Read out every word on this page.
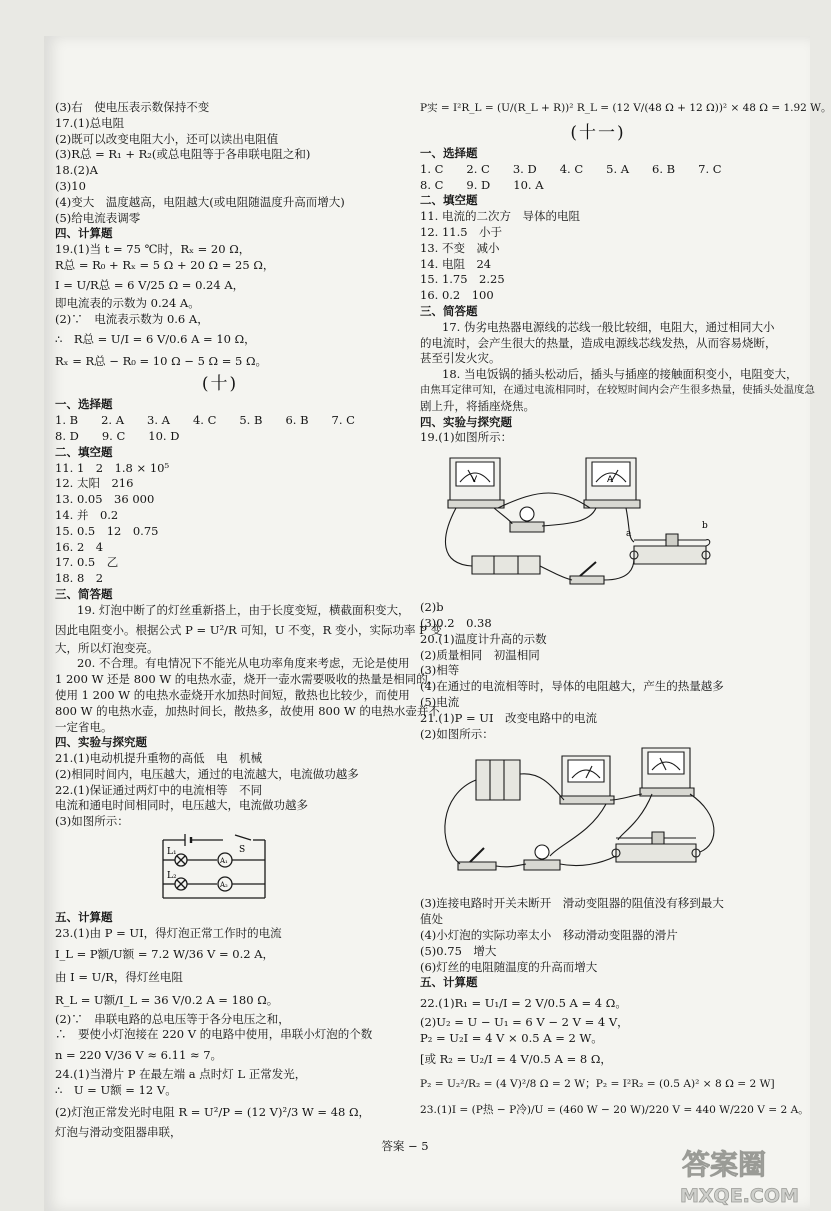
(3)右　使电压表示数保持不变
17.(1)总电阻
(2)既可以改变电阻大小，还可以读出电阻值
(3)R总 = R₁ + R₂(或总电阻等于各串联电阻之和)
18.(2)A
(3)10
(4)变大　温度越高，电阻越大(或电阻随温度升高而增大)
(5)给电流表调零
四、计算题
19.(1)当 t = 75 ℃时，Rₓ = 20 Ω，
R总 = R₀ + Rₓ = 5 Ω + 20 Ω = 25 Ω，
I = U/R总 = 6 V/25 Ω = 0.24 A，
即电流表的示数为 0.24 A。
(2)∵　电流表示数为 0.6 A，
∴　R总 = U/I = 6 V/0.6 A = 10 Ω，
Rₓ = R总 − R₀ = 10 Ω − 5 Ω = 5 Ω。
(十)
一、选择题
1. B　　2. A　　3. A　　4. C　　5. B　　6. B　　7. C
8. D　　9. C　　10. D
二、填空题
11. 1　2　1.8 × 10⁵
12. 太阳　216
13. 0.05　36 000
14. 并　0.2
15. 0.5　12　0.75
16. 2　4
17. 0.5　乙
18. 8　2
三、简答题
19. 灯泡中断了的灯丝重新搭上，由于长度变短，横截面积变大，
因此电阻变小。根据公式 P = U²/R 可知，U 不变，R 变小，实际功率 P 变
大，所以灯泡变亮。
20. 不合理。有电情况下不能光从电功率角度来考虑，无论是使用
1 200 W 还是 800 W 的电热水壶，烧开一壶水需要吸收的热量是相同的，
使用 1 200 W 的电热水壶烧开水加热时间短，散热也比较少，而使用
800 W 的电热水壶，加热时间长，散热多，故使用 800 W 的电热水壶并不
一定省电。
四、实验与探究题
21.(1)电动机提升重物的高低　电　机械
(2)相同时间内，电压越大，通过的电流越大，电流做功越多
22.(1)保证通过两灯中的电流相等　不同
电流和通电时间相同时，电压越大，电流做功越多
(3)如图所示：
L₁
L₂
S
A₁
A₂
五、计算题
23.(1)由 P = UI，得灯泡正常工作时的电流
I_L = P额/U额 = 7.2 W/36 V = 0.2 A，
由 I = U/R，得灯丝电阻
R_L = U额/I_L = 36 V/0.2 A = 180 Ω。
(2)∵　串联电路的总电压等于各分电压之和，
∴　要使小灯泡接在 220 V 的电路中使用，串联小灯泡的个数
n = 220 V/36 V ≈ 6.11 ≈ 7。
24.(1)当滑片 P 在最左端 a 点时灯 L 正常发光，
∴　U = U额 = 12 V。
(2)灯泡正常发光时电阻 R = U²/P = (12 V)²/3 W = 48 Ω，
灯泡与滑动变阻器串联，
P实 = I²R_L = (U/(R_L + R))² R_L = (12 V/(48 Ω + 12 Ω))² × 48 Ω = 1.92 W。
(十一)
一、选择题
1. C　　2. C　　3. D　　4. C　　5. A　　6. B　　7. C
8. C　　9. D　　10. A
二、填空题
11. 电流的二次方　导体的电阻
12. 11.5　小于
13. 不变　减小
14. 电阻　24
15. 1.75　2.25
16. 0.2　100
三、简答题
17. 伪劣电热器电源线的芯线一般比较细，电阻大，通过相同大小
的电流时，会产生很大的热量，造成电源线芯线发热，从而容易烧断，
甚至引发火灾。
18. 当电饭锅的插头松动后，插头与插座的接触面积变小，电阻变大，
由焦耳定律可知，在通过电流相同时，在较短时间内会产生很多热量，使插头处温度急
剧上升，将插座烧焦。
四、实验与探究题
19.(1)如图所示：
V	A
a
b
(2)b
(3)0.2　0.38
20.(1)温度计升高的示数
(2)质量相同　初温相同
(3)相等
(4)在通过的电流相等时，导体的电阻越大，产生的热量越多
(5)电流
21.(1)P = UI　改变电路中的电流
(2)如图所示：
(3)连接电路时开关未断开　滑动变阻器的阻值没有移到最大
值处
(4)小灯泡的实际功率太小　移动滑动变阻器的滑片
(5)0.75　增大
(6)灯丝的电阻随温度的升高而增大
五、计算题
22.(1)R₁ = U₁/I = 2 V/0.5 A = 4 Ω。
(2)U₂ = U − U₁ = 6 V − 2 V = 4 V，
P₂ = U₂I = 4 V × 0.5 A = 2 W。
[或 R₂ = U₂/I = 4 V/0.5 A = 8 Ω，
P₂ = U₂²/R₂ = (4 V)²/8 Ω = 2 W；P₂ = I²R₂ = (0.5 A)² × 8 Ω = 2 W]
23.(1)I = (P热 − P冷)/U = (460 W − 20 W)/220 V = 440 W/220 V = 2 A。
答案 − 5
答案圈
MXQE.COM
